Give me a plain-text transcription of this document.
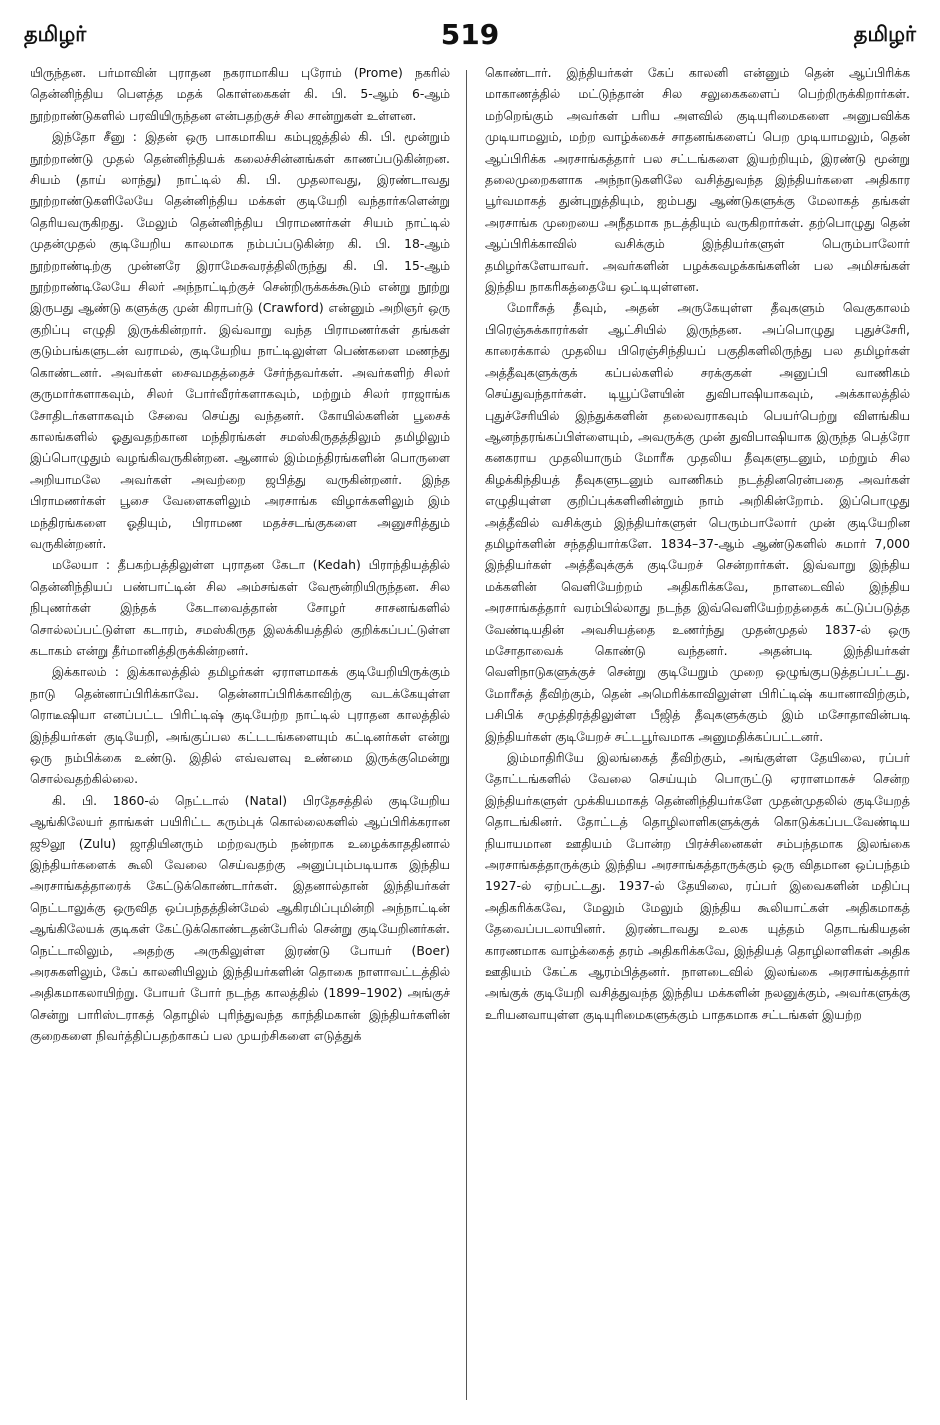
தமிழர்	519	தமிழர்

யிருந்தன. பர்மாவின் புராதன நகராமாகிய புரோம் (Prome) நகரில் தென்னிந்திய பௌத்த மதக் கொள்கைகள் கி. பி. 5-ஆம் 6-ஆம் நூற்றாண்டுகளில் பரவியிருந்தன என்பதற்குச் சில சான்றுகள் உள்ளன.

இந்தோ சீனு : இதன் ஒரு பாகமாகிய கம்புஜத்தில் கி. பி. மூன்றும் நூற்றாண்டு முதல் தென்னிந்தியக் கலைச்சின்னங்கள் காணப்படுகின்றன. சியம் (தாய் லாந்து) நாட்டில் கி. பி. முதலாவது, இரண்டாவது நூற்றாண்டுகளிலேயே தென்னிந்திய மக்கள் குடியேறி வந்தார்களென்று தெரியவருகிறது. மேலும் தென்னிந்திய பிராமணர்கள் சியம் நாட்டில் முதன்முதல் குடியேறிய காலமாக நம்பப்படுகின்ற கி. பி. 18-ஆம் நூற்றாண்டிற்கு முன்னரே இராமேசுவரத்திலிருந்து கி. பி. 15-ஆம் நூற்றாண்டிலேயே சிலர் அந்நாட்டிற்குச் சென்றிருக்கக்கூடும் என்று நூற்று இருபது ஆண்டு களுக்கு முன் கிராபர்டு (Crawford) என்னும் அறிஞர் ஒரு குறிப்பு எழுதி இருக்கின்றார். இவ்வாறு வந்த பிராமணர்கள் தங்கள் குடும்பங்களுடன் வராமல், குடியேறிய நாட்டிலுள்ள பெண்களை மணந்து கொண்டனர். அவர்கள் சைவமதத்தைச் சேர்ந்தவர்கள். அவர்களிற் சிலர் குருமார்களாகவும், சிலர் போர்வீரர்களாகவும், மற்றும் சிலர் ராஜாங்க சோதிடர்களாகவும் சேவை செய்து வந்தனர். கோயில்களின் பூசைக் காலங்களில் ஓதுவதற்கான மந்திரங்கள் சமஸ்கிருதத்திலும் தமிழிலும் இப்பொழுதும் வழங்கிவருகின்றன. ஆனால் இம்மந்திரங்களின் பொருளை அறியாமலே அவர்கள் அவற்றை ஜபித்து வருகின்றனர். இந்த பிராமணர்கள் பூசை வேளைகளிலும் அரசாங்க விழாக்களிலும் இம் மந்திரங்களை ஓதியும், பிராமண மதச்சடங்குகளை அனுசரித்தும் வருகின்றனர்.

மலேயா : தீபகற்பத்திலுள்ள புராதன கேடா (Kedah) பிராந்தியத்தில் தென்னிந்தியப் பண்பாட்டின் சில அம்சங்கள் வேரூன்றியிருந்தன. சில நிபுணர்கள் இந்தக் கேடாவைத்தான் சோழர் சாசனங்களில் சொல்லப்பட்டுள்ள கடாரம், சமஸ்கிருத இலக்கியத்தில் குறிக்கப்பட்டுள்ள கடாகம் என்று தீர்மானித்திருக்கின்றனர்.

இக்காலம் : இக்காலத்தில் தமிழர்கள் ஏராளமாகக் குடியேறியிருக்கும் நாடு தென்னாப்பிரிக்காவே. தென்னாப்பிரிக்காவிற்கு வடக்கேயுள்ள ரொடீஷியா எனப்பட்ட பிரிட்டிஷ் குடியேற்ற நாட்டில் புராதன காலத்தில் இந்தியர்கள் குடியேறி, அங்குப்பல கட்டடங்களையும் கட்டினர்கள் என்று ஒரு நம்பிக்கை உண்டு. இதில் எவ்வளவு உண்மை இருக்குமென்று சொல்வதற்கில்லை.

கி. பி. 1860-ல் நெட்டால் (Natal) பிரதேசத்தில் குடியேறிய ஆங்கிலேயர் தாங்கள் பயிரிட்ட கரும்புக் கொல்லைகளில் ஆப்பிரிக்கரான ஜூலூ (Zulu) ஜாதியினரும் மற்றவரும் நன்றாக உழைக்காததினால் இந்தியர்களைக் கூலி வேலை செய்வதற்கு அனுப்பும்படியாக இந்திய அரசாங்கத்தாரைக் கேட்டுக்கொண்டார்கள். இதனால்தான் இந்தியர்கள் நெட்டாலுக்கு ஒருவித ஒப்பந்தத்தின்மேல் ஆகிரமிப்புமின்றி அந்நாட்டின் ஆங்கிலேயக் குடிகள் கேட்டுக்கொண்டதன்பேரில் சென்று குடியேறினர்கள். நெட்டாலிலும், அதற்கு அருகிலுள்ள இரண்டு போயர் (Boer) அரசுகளிலும், கேப் காலனியிலும் இந்தியர்களின் தொகை நாளாவட்டத்தில் அதிகமாகலாயிற்று. போயர் போர் நடந்த காலத்தில் (1899–1902) அங்குச் சென்று பாரிஸ்டராகத் தொழில் புரிந்துவந்த காந்திமகான் இந்தியர்களின் குறைகளை நிவர்த்திப்பதற்காகப் பல முயற்சிகளை எடுத்துக்

கொண்டார். இந்தியர்கள் கேப் காலனி என்னும் தென் ஆப்பிரிக்க மாகாணத்தில் மட்டுந்தான் சில சலுகைகளைப் பெற்றிருக்கிறார்கள். மற்றெங்கும் அவர்கள் பரிய அளவில் குடியுரிமைகளை அனுபவிக்க முடியாமலும், மற்ற வாழ்க்கைச் சாதனங்களைப் பெற முடியாமலும், தென் ஆப்பிரிக்க அரசாங்கத்தார் பல சட்டங்களை இயற்றியும், இரண்டு மூன்று தலைமுறைகளாக அந்நாடுகளிலே வசித்துவந்த இந்தியர்களை அதிகார பூர்வமாகத் துன்புறுத்தியும், ஐம்பது ஆண்டுகளுக்கு மேலாகத் தங்கள் அரசாங்க முறையை அநீதமாக நடத்தியும் வருகிறார்கள். தற்பொழுது தென் ஆப்பிரிக்காவில் வசிக்கும் இந்தியர்களுள் பெரும்பாலோர் தமிழர்களேயாவர். அவர்களின் பழக்கவழக்கங்களின் பல அமிசங்கள் இந்திய நாகரிகத்தையே ஒட்டியுள்ளன.

மோரீசுத் தீவும், அதன் அருகேயுள்ள தீவுகளும் வெகுகாலம் பிரெஞ்சுக்காரர்கள் ஆட்சியில் இருந்தன. அப்பொழுது புதுச்சேரி, காரைக்கால் முதலிய பிரெஞ்சிந்தியப் பகுதிகளிலிருந்து பல தமிழர்கள் அத்தீவுகளுக்குக் கப்பல்களில் சரக்குகள் அனுப்பி வாணிகம் செய்துவந்தார்கள். டியூப்ளேயின் துவிபாஷியாகவும், அக்காலத்தில் புதுச்சேரியில் இந்துக்களின் தலைவராகவும் பெயர்பெற்று விளங்கிய ஆனந்தரங்கப்பிள்ளையும், அவருக்கு முன் துவிபாஷியாக இருந்த பெத்ரோ கனகராய முதலியாரும் மோரீசு முதலிய தீவுகளுடனும், மற்றும் சில கிழக்கிந்தியத் தீவுகளுடனும் வாணிகம் நடத்தினரென்பதை அவர்கள் எழுதியுள்ள குறிப்புக்களினின்றும் நாம் அறிகின்றோம். இப்பொழுது அத்தீவில் வசிக்கும் இந்தியர்களுள் பெரும்பாலோர் முன் குடியேறின தமிழர்களின் சந்ததியார்களே. 1834–37-ஆம் ஆண்டுகளில் சுமார் 7,000 இந்தியர்கள் அத்தீவுக்குக் குடியேறச் சென்றார்கள். இவ்வாறு இந்திய மக்களின் வெளியேற்றம் அதிகரிக்கவே, நாளடைவில் இந்திய அரசாங்கத்தார் வரம்பில்லாது நடந்த இவ்வெளியேற்றத்தைக் கட்டுப்படுத்த வேண்டியதின் அவசியத்தை உணர்ந்து முதன்முதல் 1837-ல் ஒரு மசோதாவைக் கொண்டு வந்தனர். அதன்படி இந்தியர்கள் வெளிநாடுகளுக்குச் சென்று குடியேறும் முறை ஒழுங்குபடுத்தப்பட்டது. மோரீசுத் தீவிற்கும், தென் அமெரிக்காவிலுள்ள பிரிட்டிஷ் கயானாவிற்கும், பசிபிக் சமுத்திரத்திலுள்ள பீஜித் தீவுகளுக்கும் இம் மசோதாவின்படி இந்தியர்கள் குடியேறச் சட்டபூர்வமாக அனுமதிக்கப்பட்டனர்.

இம்மாதிரியே இலங்கைத் தீவிற்கும், அங்குள்ள தேயிலை, ரப்பர் தோட்டங்களில் வேலை செய்யும் பொருட்டு ஏராளமாகச் சென்ற இந்தியர்களுள் முக்கியமாகத் தென்னிந்தியர்களே முதன்முதலில் குடியேறத் தொடங்கினர். தோட்டத் தொழிலாளிகளுக்குக் கொடுக்கப்படவேண்டிய நியாயமான ஊதியம் போன்ற பிரச்சினைகள் சம்பந்தமாக இலங்கை அரசாங்கத்தாருக்கும் இந்திய அரசாங்கத்தாருக்கும் ஒரு விதமான ஒப்பந்தம் 1927-ல் ஏற்பட்டது. 1937-ல் தேயிலை, ரப்பர் இவைகளின் மதிப்பு அதிகரிக்கவே, மேலும் மேலும் இந்திய கூலியாட்கள் அதிகமாகத் தேவைப்படலாயினர். இரண்டாவது உலக யுத்தம் தொடங்கியதன் காரணமாக வாழ்க்கைத் தரம் அதிகரிக்கவே, இந்தியத் தொழிலாளிகள் அதிக ஊதியம் கேட்க ஆரம்பித்தனர். நாளடைவில் இலங்கை அரசாங்கத்தார் அங்குக் குடியேறி வசித்துவந்த இந்திய மக்களின் நலனுக்கும், அவர்களுக்கு உரியனவாயுள்ள குடியுரிமைகளுக்கும் பாதகமாக சட்டங்கள் இயற்ற
